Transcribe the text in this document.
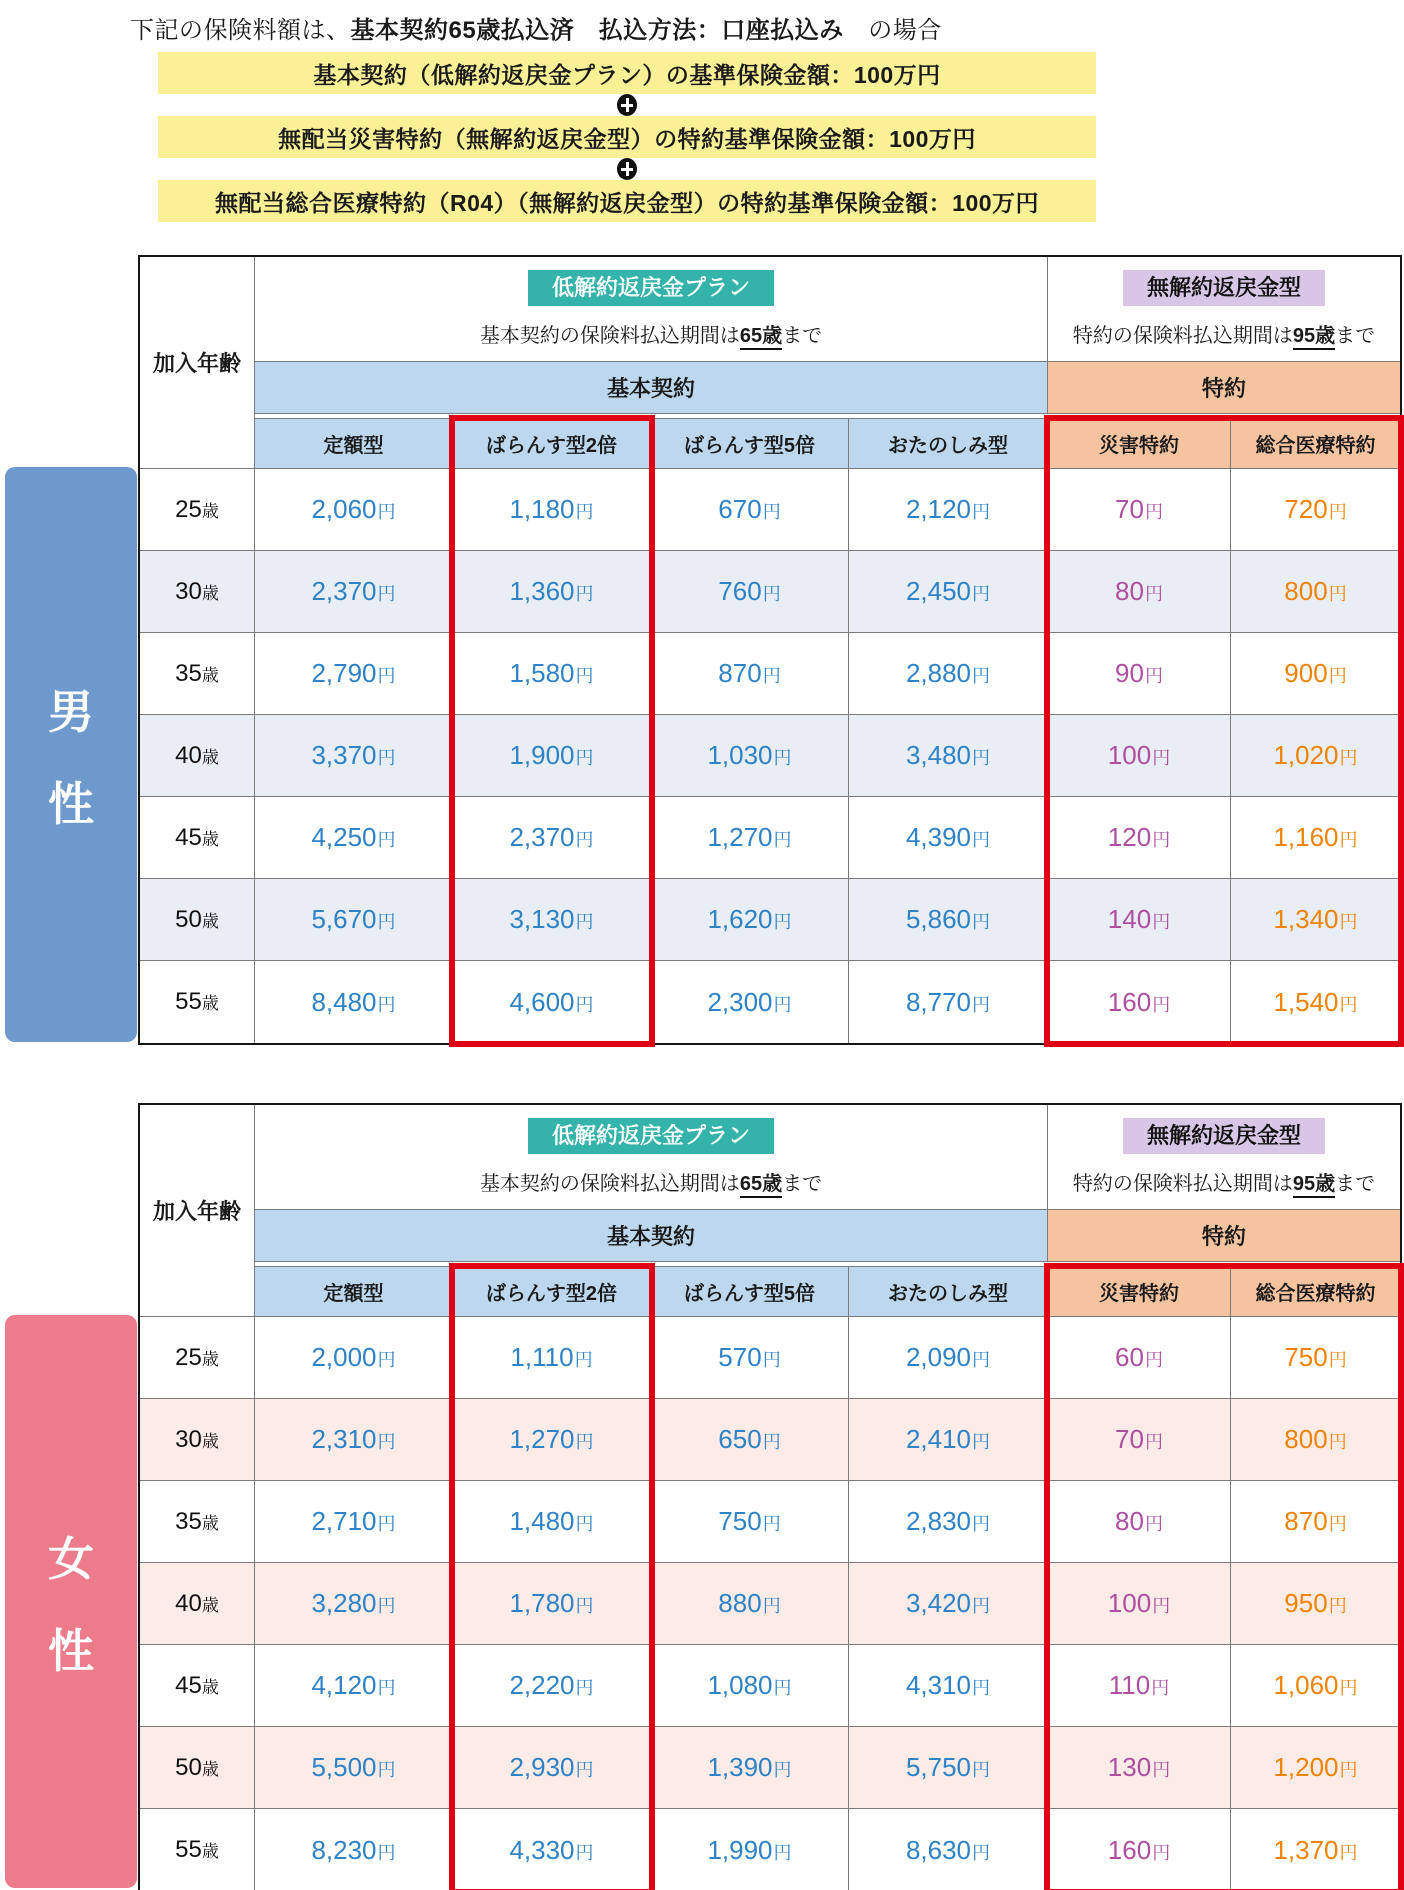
下記の保険料額は、基本契約65歳払込済　払込方法：口座払込み　の場合
基本契約（低解約返戻金プラン）の基準保険金額：100万円
無配当災害特約（無解約返戻金型）の特約基準保険金額：100万円
無配当総合医療特約（R04）（無解約返戻金型）の特約基準保険金額：100万円
加入年齢
低解約返戻金プラン
基本契約の保険料払込期間は65歳まで
無解約返戻金型
特約の保険料払込期間は95歳まで
基本契約	特約
定額型	ばらんす型2倍	ばらんす型5倍	おたのしみ型	災害特約	総合医療特約
25歳	2,060円	1,180円	670円	2,120円	70円	720円
30歳	2,370円	1,360円	760円	2,450円	80円	800円
35歳	2,790円	1,580円	870円	2,880円	90円	900円
40歳	3,370円	1,900円	1,030円	3,480円	100円	1,020円
45歳	4,250円	2,370円	1,270円	4,390円	120円	1,160円
50歳	5,670円	3,130円	1,620円	5,860円	140円	1,340円
55歳	8,480円	4,600円	2,300円	8,770円	160円	1,540円
加入年齢
低解約返戻金プラン
基本契約の保険料払込期間は65歳まで
無解約返戻金型
特約の保険料払込期間は95歳まで
基本契約	特約
定額型	ばらんす型2倍	ばらんす型5倍	おたのしみ型	災害特約	総合医療特約
25歳	2,000円	1,110円	570円	2,090円	60円	750円
30歳	2,310円	1,270円	650円	2,410円	70円	800円
35歳	2,710円	1,480円	750円	2,830円	80円	870円
40歳	3,280円	1,780円	880円	3,420円	100円	950円
45歳	4,120円	2,220円	1,080円	4,310円	110円	1,060円
50歳	5,500円	2,930円	1,390円	5,750円	130円	1,200円
55歳	8,230円	4,330円	1,990円	8,630円	160円	1,370円
男
性
女
性
